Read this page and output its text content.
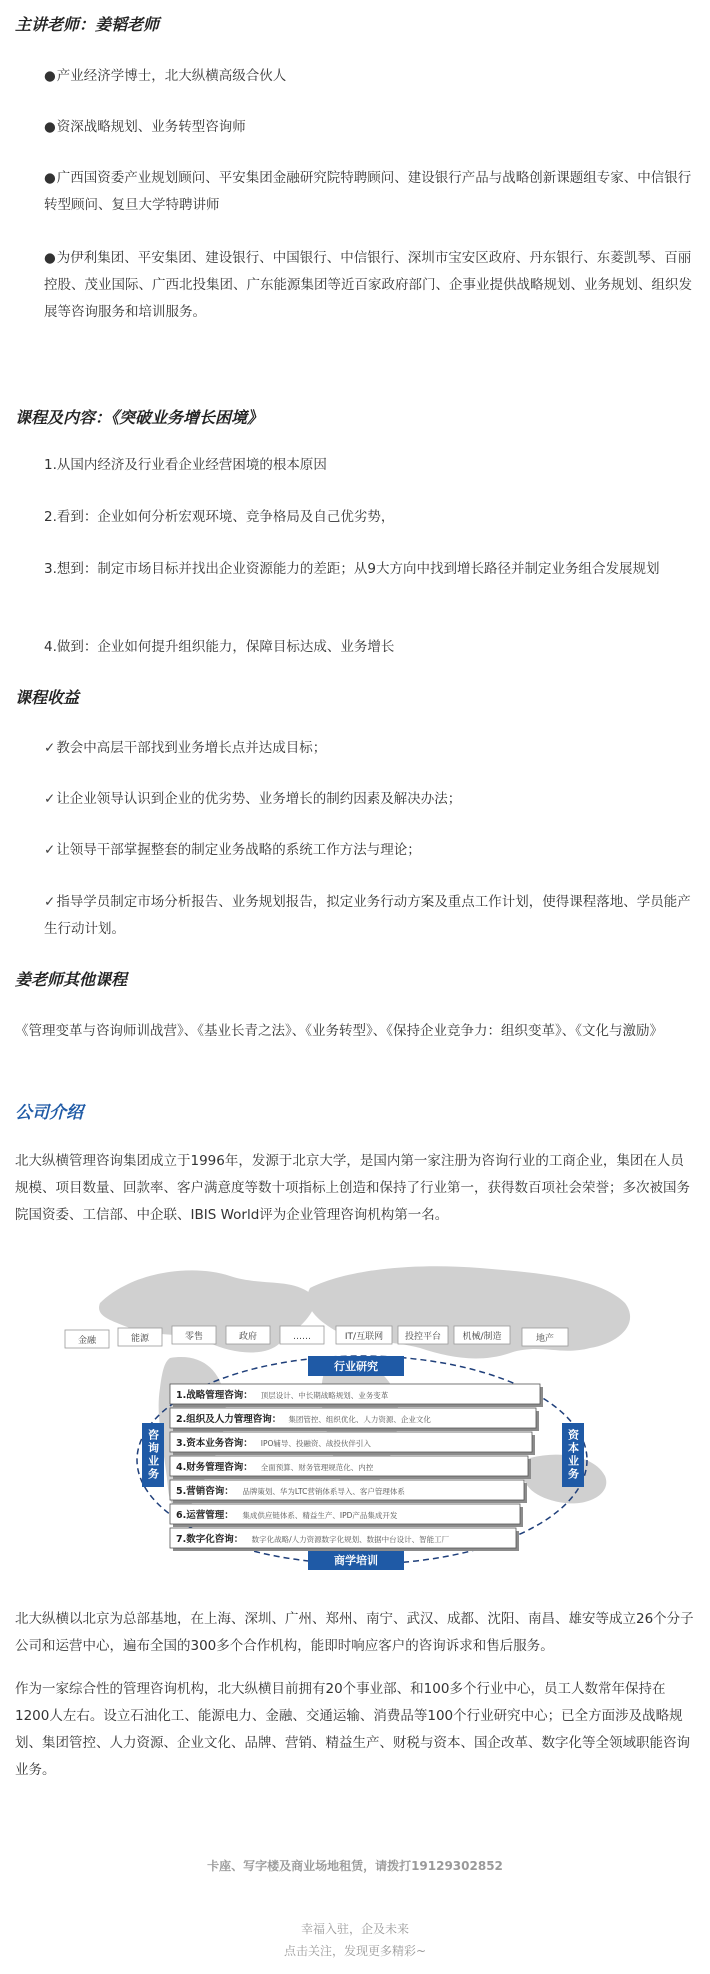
主讲老师：姜韬老师

● 产业经济学博士，北大纵横高级合伙人

● 资深战略规划、业务转型咨询师

● 广西国资委产业规划顾问、平安集团金融研究院特聘顾问、建设银行产品与战略创新课题组专家、中信银行转型顾问、复旦大学特聘讲师

● 为伊利集团、平安集团、建设银行、中国银行、中信银行、深圳市宝安区政府、丹东银行、东菱凯琴、百丽控股、茂业国际、广西北投集团、广东能源集团等近百家政府部门、企事业提供战略规划、业务规划、组织发展等咨询服务和培训服务。

课程及内容：《突破业务增长困境》

1.从国内经济及行业看企业经营困境的根本原因

2.看到：企业如何分析宏观环境、竞争格局及自己优劣势，

3.想到：制定市场目标并找出企业资源能力的差距；从9大方向中找到增长路径并制定业务组合发展规划

4.做到：企业如何提升组织能力，保障目标达成、业务增长

课程收益

✓ 教会中高层干部找到业务增长点并达成目标；

✓ 让企业领导认识到企业的优劣势、业务增长的制约因素及解决办法；

✓ 让领导干部掌握整套的制定业务战略的系统工作方法与理论；

✓ 指导学员制定市场分析报告、业务规划报告，拟定业务行动方案及重点工作计划，使得课程落地、学员能产生行动计划。

姜老师其他课程

《管理变革与咨询师训战营》、《基业长青之法》、《业务转型》、《保持企业竞争力：组织变革》、《文化与激励》

公司介绍

北大纵横管理咨询集团成立于1996年，发源于北京大学，是国内第一家注册为咨询行业的工商企业，集团在人员规模、项目数量、回款率、客户满意度等数十项指标上创造和保持了行业第一，获得数百项社会荣誉；多次被国务院国资委、工信部、中企联、IBIS World评为企业管理咨询机构第一名。

金融	能源	零售	政府	……	IT/互联网 投控平台 机械/制造	地产
行业研究
商学培训
咨询业务	资本业务
1.战略管理咨询： 顶层设计、中长期战略规划、业务变革
2.组织及人力管理咨询： 集团管控、组织优化、人力资源、企业文化
3.资本业务咨询： IPO辅导、投融资、战投伙伴引入
4.财务管理咨询： 全面预算、财务管理规范化、内控
5.营销咨询： 品牌策划、华为LTC营销体系导入、客户管理体系
6.运营管理： 集成供应链体系、精益生产、IPD产品集成开发
7.数字化咨询： 数字化战略/人力资源数字化规划、数据中台设计、智能工厂

北大纵横以北京为总部基地，在上海、深圳、广州、郑州、南宁、武汉、成都、沈阳、南昌、雄安等成立26个分子公司和运营中心，遍布全国的300多个合作机构，能即时响应客户的咨询诉求和售后服务。

作为一家综合性的管理咨询机构，北大纵横目前拥有20个事业部、和100多个行业中心，员工人数常年保持在1200人左右。设立石油化工、能源电力、金融、交通运输、消费品等100个行业研究中心；已全方面涉及战略规划、集团管控、人力资源、企业文化、品牌、营销、精益生产、财税与资本、国企改革、数字化等全领域职能咨询业务。

卡座、写字楼及商业场地租赁，请拨打19129302852

幸福入驻，企及未来

点击关注，发现更多精彩~
